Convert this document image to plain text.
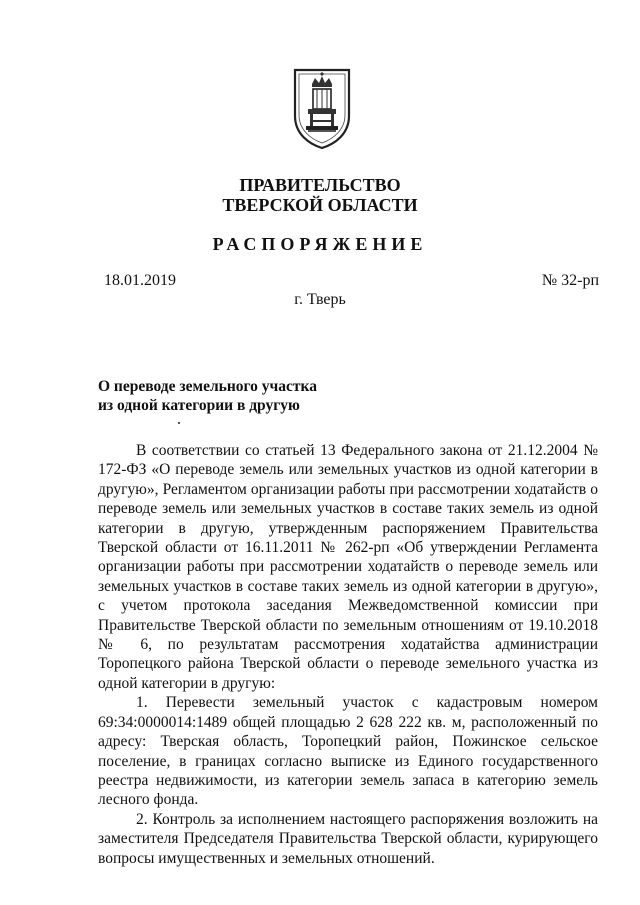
ПРАВИТЕЛЬСТВО
ТВЕРСКОЙ ОБЛАСТИ
РАСПОРЯЖЕНИЕ
18.01.2019	№ 32-рп
г. Тверь
О переводе земельного участка
из одной категории в другую

В соответствии со статьей 13 Федерального закона от 21.12.2004 № 172-ФЗ «О переводе земель или земельных участков из одной категории в другую», Регламентом организации работы при рассмотрении ходатайств о переводе земель или земельных участков в составе таких земель из одной категории в другую, утвержденным распоряжением Правительства Тверской области от 16.11.2011 № 262-рп «Об утверждении Регламента организации работы при рассмотрении ходатайств о переводе земель или земельных участков в составе таких земель из одной категории в другую», с учетом протокола заседания Межведомственной комиссии при Правительстве Тверской области по земельным отношениям от 19.10.2018 № 6, по результатам рассмотрения ходатайства администрации Торопецкого района Тверской области о переводе земельного участка из одной категории в другую:

1. Перевести земельный участок с кадастровым номером 69:34:0000014:1489 общей площадью 2 628 222 кв. м, расположенный по адресу: Тверская область, Торопецкий район, Пожинское сельское поселение, в границах согласно выписке из Единого государственного реестра недвижимости, из категории земель запаса в категорию земель лесного фонда.

2. Контроль за исполнением настоящего распоряжения возложить на заместителя Председателя Правительства Тверской области, курирующего вопросы имущественных и земельных отношений.
